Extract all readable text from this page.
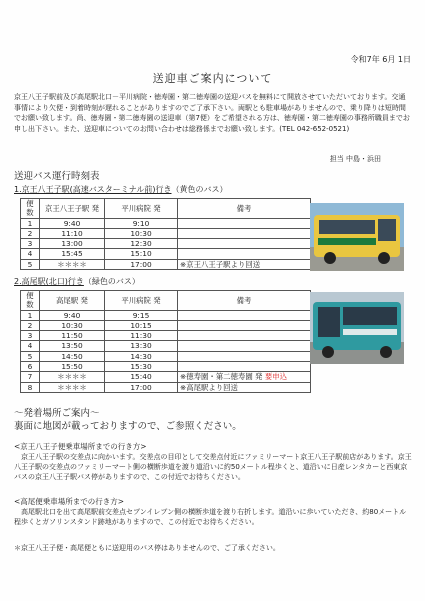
令和7年 6月 1日
送迎車ご案内について
京王八王子駅前及び高尾駅北口－平川病院・徳寿園・第二徳寿園の送迎バスを無料にて開放させていただいております。交通事情により欠便・到着時刻が遅れることがありますのでご了承下さい。両駅とも駐車場がありませんので、乗り降りは短時間でお願い致します。尚、徳寿園・第二徳寿園の送迎車（第7便）をご希望される方は、徳寿園・第二徳寿園の事務所職員までお申し出下さい。また、送迎車についてのお問い合わせは総務係までお願い致します。(TEL 042-652-0521)
担当 中島・浜田
送迎バス運行時刻表
1.京王八王子駅(高速バスターミナル前)行き（黄色のバス）
便数	京王八王子駅 発	平川病院 発	備考
1	9:40	9:10	
2	11:10	10:30	
3	13:00	12:30	
4	15:45	15:10	
5	＊＊＊＊	17:00	※京王八王子駅より回送
2.高尾駅(北口)行き（緑色のバス）
便数	高尾駅 発	平川病院 発	備考
1	9:40	9:15	
2	10:30	10:15	
3	11:50	11:30	
4	13:50	13:30	
5	14:50	14:30	
6	15:50	15:30	
7	＊＊＊＊	15:40	※徳寿園・第二徳寿園 発 要申込
8	＊＊＊＊	17:00	※高尾駅より回送
～発着場所ご案内～
裏面に地図が載っておりますので、ご参照ください。
<京王八王子便乗車場所までの行き方>
京王八王子駅の交差点に向かいます。交差点の目印として交差点付近にファミリーマート京王八王子駅前店があります。京王八王子駅の交差点のファミリーマート側の横断歩道を渡り道沿いに約50メートル程歩くと、道沿いに日産レンタカーと西東京バスの京王八王子駅バス停がありますので、この付近でお待ちください。
<高尾便乗車場所までの行き方>
高尾駅北口を出て高尾駅前交差点セブンイレブン側の横断歩道を渡り右折します。道沿いに歩いていただき、約80メートル程歩くとガソリンスタンド跡地がありますので、この付近でお待ちください。
＊京王八王子便・高尾便ともに送迎用のバス停はありませんので、ご了承ください。
